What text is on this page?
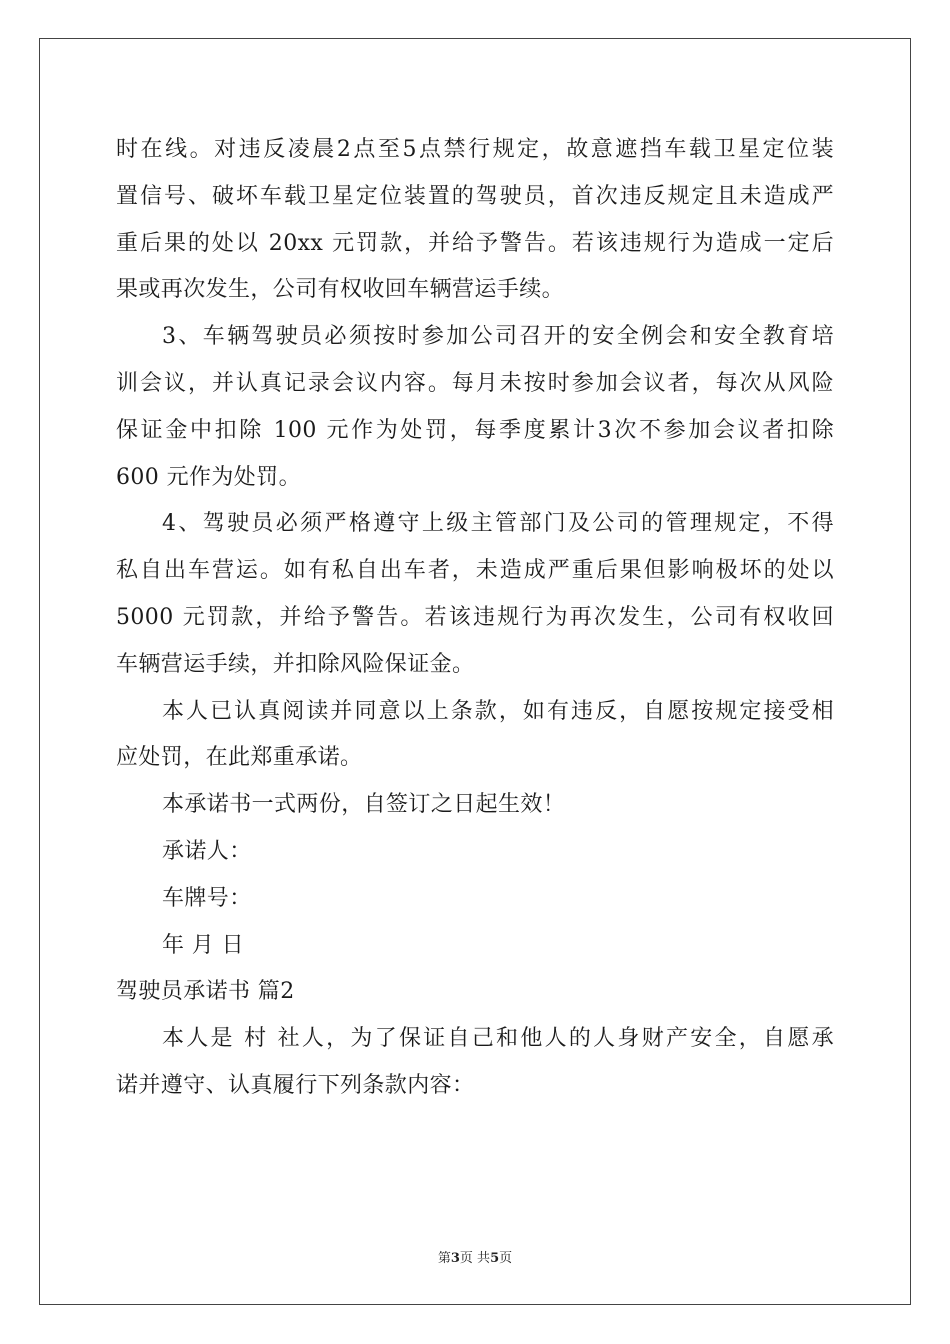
时在线。对违反凌晨2点至5点禁行规定，故意遮挡车载卫星定位装
置信号、破坏车载卫星定位装置的驾驶员，首次违反规定且未造成严
重后果的处以 20xx 元罚款，并给予警告。若该违规行为造成一定后
果或再次发生，公司有权收回车辆营运手续。
3、车辆驾驶员必须按时参加公司召开的安全例会和安全教育培
训会议，并认真记录会议内容。每月未按时参加会议者，每次从风险
保证金中扣除 100 元作为处罚，每季度累计3次不参加会议者扣除
600 元作为处罚。
4、驾驶员必须严格遵守上级主管部门及公司的管理规定，不得
私自出车营运。如有私自出车者，未造成严重后果但影响极坏的处以
5000 元罚款，并给予警告。若该违规行为再次发生，公司有权收回
车辆营运手续，并扣除风险保证金。
本人已认真阅读并同意以上条款，如有违反，自愿按规定接受相
应处罚，在此郑重承诺。
本承诺书一式两份，自签订之日起生效！
承诺人：
车牌号：
年 月 日
驾驶员承诺书 篇2
本人是 村 社人，为了保证自己和他人的人身财产安全，自愿承
诺并遵守、认真履行下列条款内容：
第3页 共5页
